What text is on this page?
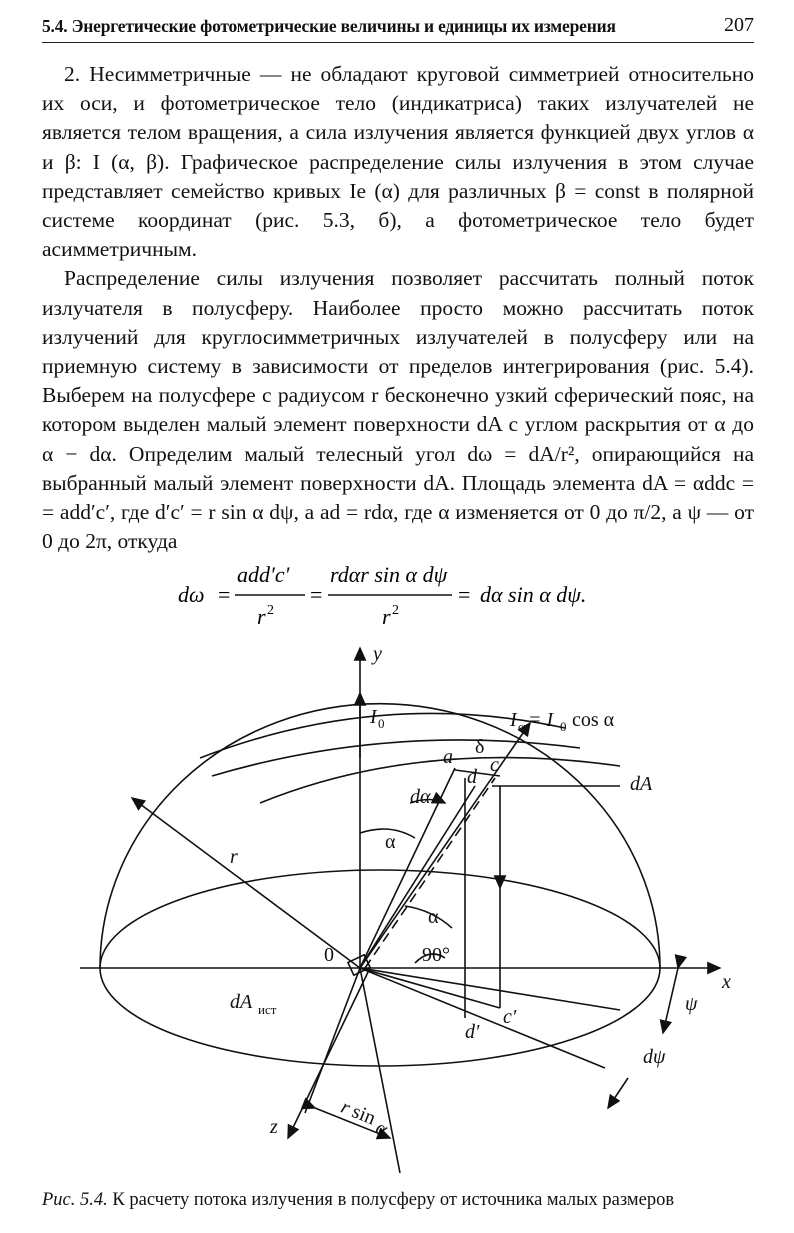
5.4. Энергетические фотометрические величины и единицы их измерения	207

2. Несимметричные — не обладают круговой симметрией относительно их оси, и фотометрическое тело (индикатриса) таких излучателей не является телом вращения, а сила излучения является функцией двух углов α и β: I (α, β). Графическое распределение силы излучения в этом случае представляет семейство кривых Ie (α) для различных β = const в полярной системе координат (рис. 5.3, б), а фотометрическое тело будет асимметричным.

Распределение силы излучения позволяет рассчитать полный поток излучателя в полусферу. Наиболее просто можно рассчитать поток излучений для круглосимметричных излучателей в полусферу или на приемную систему в зависимости от пределов интегрирования (рис. 5.4). Выберем на полусфере с радиусом r бесконечно узкий сферический пояс, на котором выделен малый элемент поверхности dA с углом раскрытия от α до α − dα. Определим малый телесный угол dω = dA/r², опирающийся на выбранный малый элемент поверхности dA. Площадь элемента dA = αddc = = add′c′, где d′c′ = r sin α dψ, а ad = rdα, где α изменяется от 0 до π/2, а ψ — от 0 до 2π, откуда

dω =
add′c′
r 2
=
rdαr sin α dψ
r 2
= dα sin α dψ.
y
I 0	I α = I 0 cos α
a δ
d
c
dA
dα
α
α
r
0	90°
x
dA ист	c′
d′
ψ
dψ
z
r
sin
α
Рис. 5.4. К расчету потока излучения в полусферу от источника малых размеров
